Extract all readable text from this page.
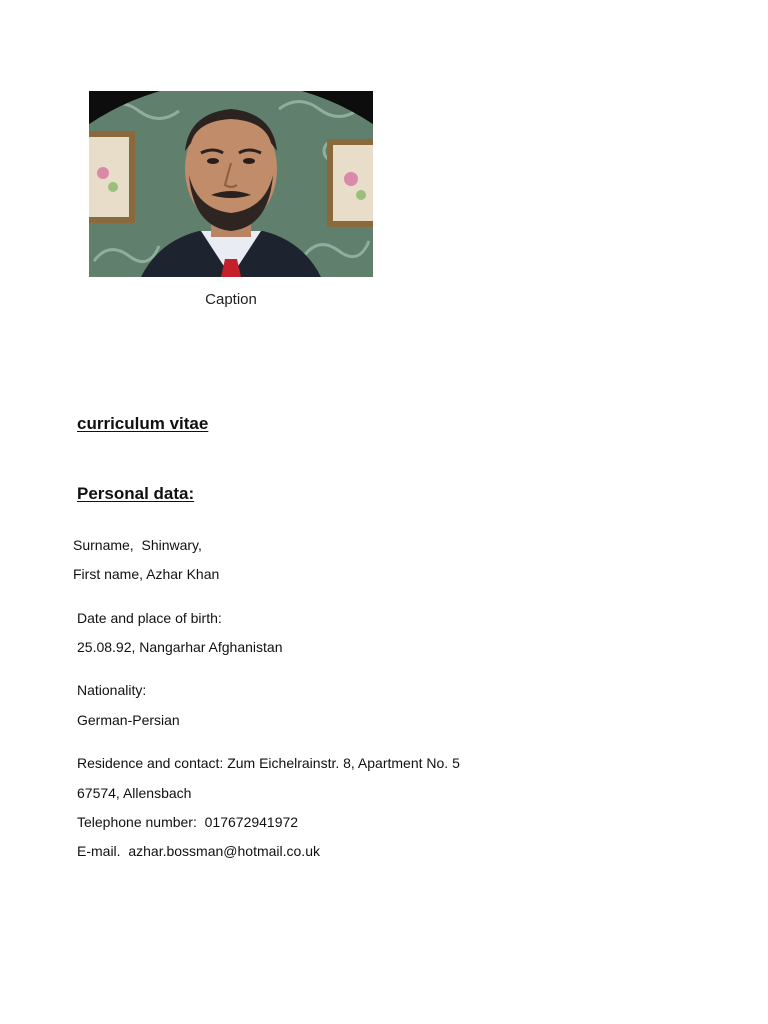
Caption
curriculum vitae
Personal data:
Surname,  Shinwary,
First name, Azhar Khan
Date and place of birth:
25.08.92, Nangarhar Afghanistan
Nationality:
German-Persian
Residence and contact: Zum Eichelrainstr. 8, Apartment No. 5
67574, Allensbach
Telephone number:  017672941972
E-mail.  azhar.bossman@hotmail.co.uk
